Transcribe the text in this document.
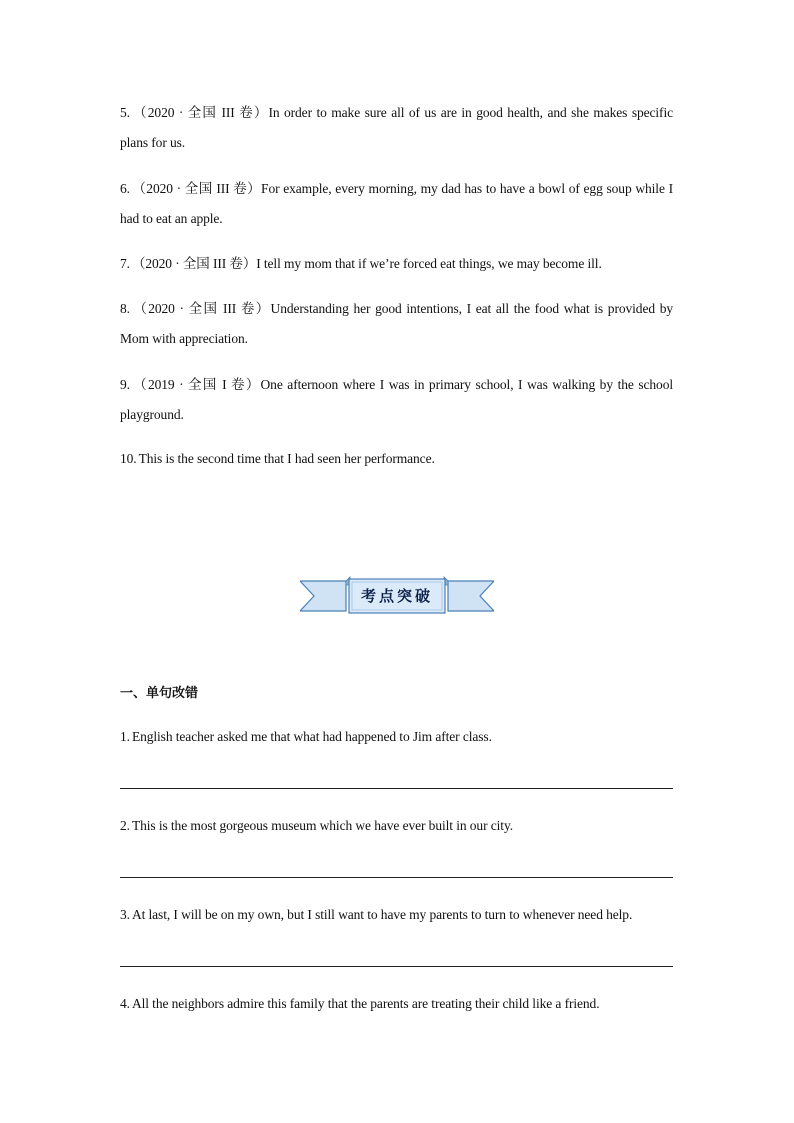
5. （2020 · 全国 III 卷）In order to make sure all of us are in good health, and she makes specific plans for us.
6. （2020 · 全国 III 卷）For example, every morning, my dad has to have a bowl of egg soup while I had to eat an apple.
7. （2020 · 全国 III 卷）I tell my mom that if we’re forced eat things, we may become ill.
8. （2020 · 全国 III 卷）Understanding her good intentions, I eat all the food what is provided by Mom with appreciation.
9. （2019 · 全国 I 卷）One afternoon where I was in primary school, I was walking by the school playground.
10. This is the second time that I had seen her performance.
考点突破
一、单句改错
1. English teacher asked me that what had happened to Jim after class.
2. This is the most gorgeous museum which we have ever built in our city.
3. At last, I will be on my own, but I still want to have my parents to turn to whenever need help.
4. All the neighbors admire this family that the parents are treating their child like a friend.
